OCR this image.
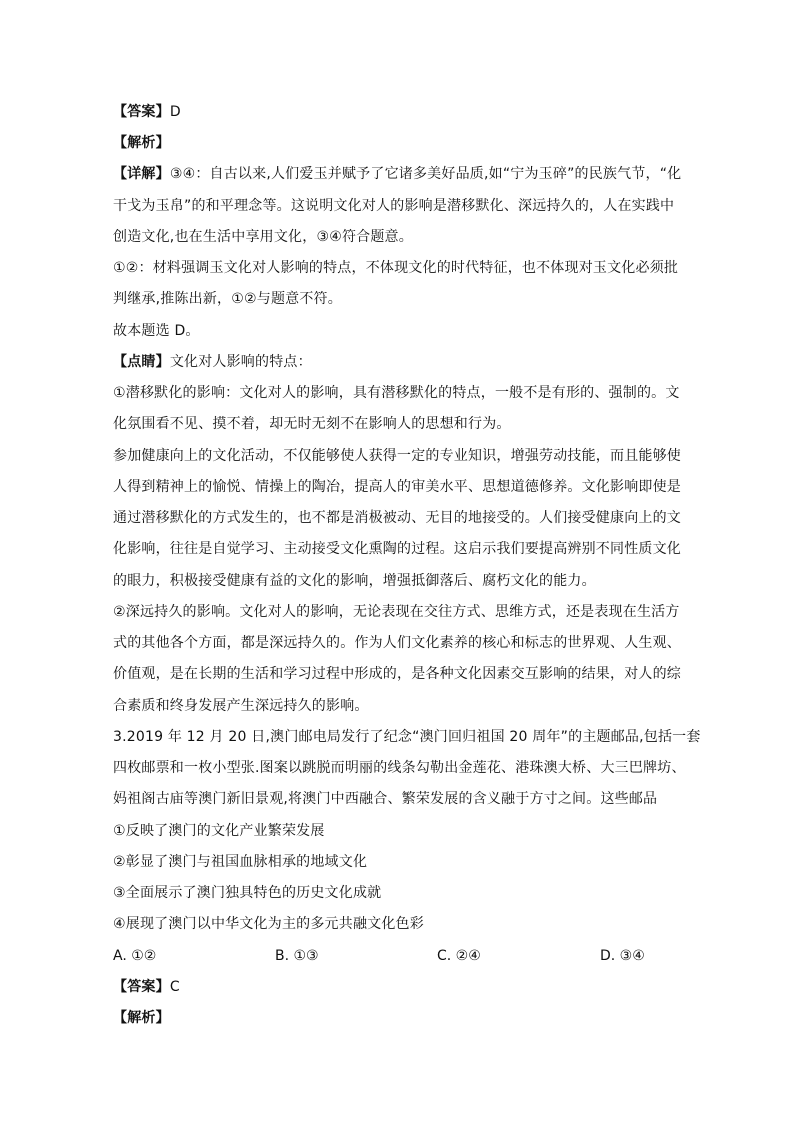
【答案】D
【解析】
【详解】③④：自古以来,人们爱玉并赋予了它诸多美好品质,如“宁为玉碎”的民族气节，“化
干戈为玉帛”的和平理念等。这说明文化对人的影响是潜移默化、深远持久的，人在实践中
创造文化,也在生活中享用文化，③④符合题意。
①②：材料强调玉文化对人影响的特点，不体现文化的时代特征，也不体现对玉文化必须批
判继承,推陈出新，①②与题意不符。
故本题选 D。
【点睛】文化对人影响的特点：
①潜移默化的影响：文化对人的影响，具有潜移默化的特点，一般不是有形的、强制的。文
化氛围看不见、摸不着，却无时无刻不在影响人的思想和行为。
参加健康向上的文化活动，不仅能够使人获得一定的专业知识，增强劳动技能，而且能够使
人得到精神上的愉悦、情操上的陶冶，提高人的审美水平、思想道德修养。文化影响即使是
通过潜移默化的方式发生的，也不都是消极被动、无目的地接受的。人们接受健康向上的文
化影响，往往是自觉学习、主动接受文化熏陶的过程。这启示我们要提高辨别不同性质文化
的眼力，积极接受健康有益的文化的影响，增强抵御落后、腐朽文化的能力。
②深远持久的影响。文化对人的影响，无论表现在交往方式、思维方式，还是表现在生活方
式的其他各个方面，都是深远持久的。作为人们文化素养的核心和标志的世界观、人生观、
价值观，是在长期的生活和学习过程中形成的，是各种文化因素交互影响的结果，对人的综
合素质和终身发展产生深远持久的影响。
3.2019 年 12 月 20 日,澳门邮电局发行了纪念“澳门回归祖国 20 周年”的主题邮品,包括一套
四枚邮票和一枚小型张.图案以跳脱而明丽的线条勾勒出金莲花、港珠澳大桥、大三巴牌坊、
妈祖阁古庙等澳门新旧景观,将澳门中西融合、繁荣发展的含义融于方寸之间。这些邮品
①反映了澳门的文化产业繁荣发展
②彰显了澳门与祖国血脉相承的地域文化
③全面展示了澳门独具特色的历史文化成就
④展现了澳门以中华文化为主的多元共融文化色彩
A. ①②	B. ①③	C. ②④	D. ③④
【答案】C
【解析】
